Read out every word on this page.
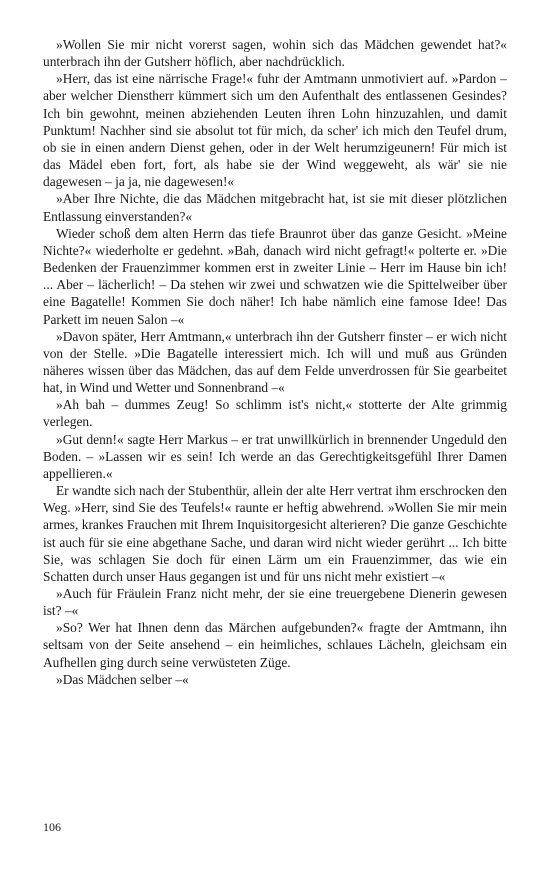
»Wollen Sie mir nicht vorerst sagen, wohin sich das Mädchen gewendet hat?« unterbrach ihn der Gutsherr höflich, aber nachdrücklich.

»Herr, das ist eine närrische Frage!« fuhr der Amtmann unmotiviert auf. »Pardon – aber welcher Dienstherr kümmert sich um den Aufenthalt des entlassenen Gesindes? Ich bin gewohnt, meinen abziehenden Leuten ihren Lohn hinzuzahlen, und damit Punktum! Nachher sind sie absolut tot für mich, da scher' ich mich den Teufel drum, ob sie in einen andern Dienst gehen, oder in der Welt herumzigeunern! Für mich ist das Mädel eben fort, fort, als habe sie der Wind weggeweht, als wär' sie nie dagewesen – ja ja, nie dagewesen!«

»Aber Ihre Nichte, die das Mädchen mitgebracht hat, ist sie mit dieser plötzlichen Entlassung einverstanden?«

Wieder schoß dem alten Herrn das tiefe Braunrot über das ganze Gesicht. »Meine Nichte?« wiederholte er gedehnt. »Bah, danach wird nicht gefragt!« polterte er. »Die Bedenken der Frauenzimmer kommen erst in zweiter Linie – Herr im Hause bin ich! ... Aber – lächerlich! – Da stehen wir zwei und schwatzen wie die Spittelweiber über eine Bagatelle! Kommen Sie doch näher! Ich habe nämlich eine famose Idee! Das Parkett im neuen Salon –«

»Davon später, Herr Amtmann,« unterbrach ihn der Gutsherr finster – er wich nicht von der Stelle. »Die Bagatelle interessiert mich. Ich will und muß aus Gründen näheres wissen über das Mädchen, das auf dem Felde unverdrossen für Sie gearbeitet hat, in Wind und Wetter und Sonnenbrand –«

»Ah bah – dummes Zeug! So schlimm ist's nicht,« stotterte der Alte grimmig verlegen.

»Gut denn!« sagte Herr Markus – er trat unwillkürlich in brennender Ungeduld den Boden. – »Lassen wir es sein! Ich werde an das Gerechtigkeitsgefühl Ihrer Damen appellieren.«

Er wandte sich nach der Stubenthür, allein der alte Herr vertrat ihm erschrocken den Weg. »Herr, sind Sie des Teufels!« raunte er heftig abwehrend. »Wollen Sie mir mein armes, krankes Frauchen mit Ihrem Inquisitorgesicht alterieren? Die ganze Geschichte ist auch für sie eine abgethane Sache, und daran wird nicht wieder gerührt ... Ich bitte Sie, was schlagen Sie doch für einen Lärm um ein Frauenzimmer, das wie ein Schatten durch unser Haus gegangen ist und für uns nicht mehr existiert –«

»Auch für Fräulein Franz nicht mehr, der sie eine treuergebene Dienerin gewesen ist? –«

»So? Wer hat Ihnen denn das Märchen aufgebunden?« fragte der Amtmann, ihn seltsam von der Seite ansehend – ein heimliches, schlaues Lächeln, gleichsam ein Aufhellen ging durch seine verwüsteten Züge.

»Das Mädchen selber –«

106
